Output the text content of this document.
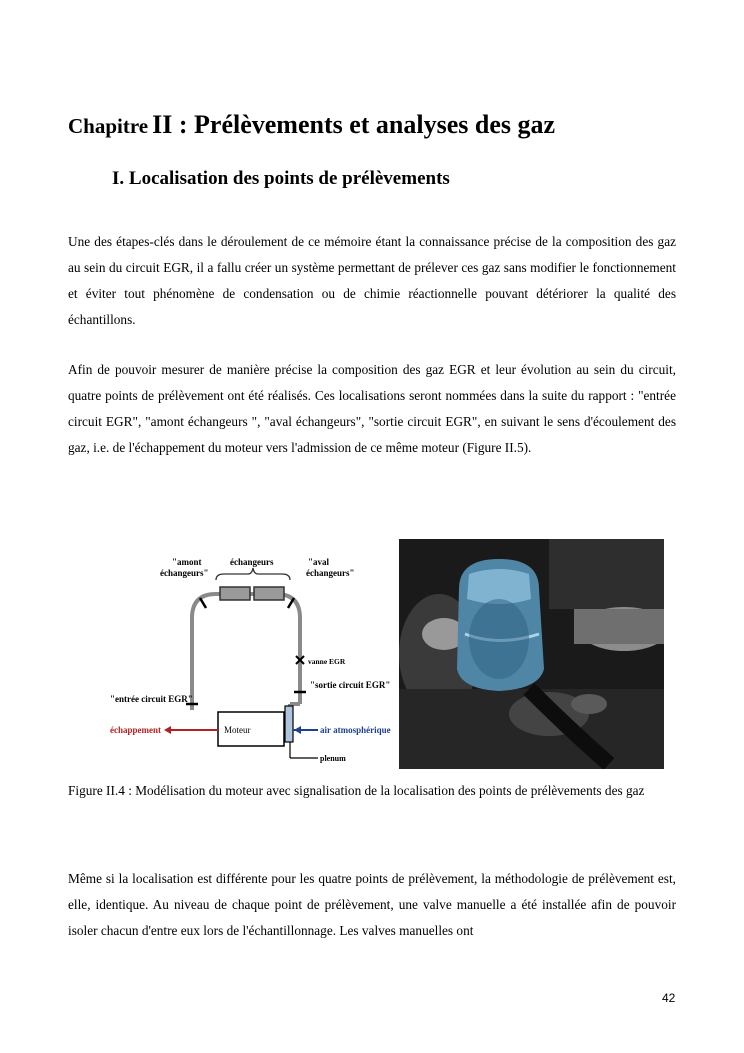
Chapitre II : Prélèvements et analyses des gaz
I. Localisation des points de prélèvements

Une des étapes-clés dans le déroulement de ce mémoire étant la connaissance précise de la composition des gaz au sein du circuit EGR, il a fallu créer un système permettant de prélever ces gaz sans modifier le fonctionnement et éviter tout phénomène de condensation ou de chimie réactionnelle pouvant détériorer la qualité des échantillons.

Afin de pouvoir mesurer de manière précise la composition des gaz EGR et leur évolution au sein du circuit, quatre points de prélèvement ont été réalisés. Ces localisations seront nommées dans la suite du rapport : "entrée circuit EGR", "amont échangeurs ", "aval échangeurs", "sortie circuit EGR", en suivant le sens d'écoulement des gaz, i.e. de l'échappement du moteur vers l'admission de ce même moteur (Figure II.5).

"amont
échangeurs"
échangeurs	"aval
échangeurs"
vanne EGR
"sortie circuit EGR"
"entrée circuit EGR"
échappement	Moteur	air atmosphérique
plenum

Figure II.4 : Modélisation du moteur avec signalisation de la localisation des points de prélèvements des gaz

Même si la localisation est différente pour les quatre points de prélèvement, la méthodologie de prélèvement est, elle, identique. Au niveau de chaque point de prélèvement, une valve manuelle a été installée afin de pouvoir isoler chacun d'entre eux lors de l'échantillonnage. Les valves manuelles ont

42
